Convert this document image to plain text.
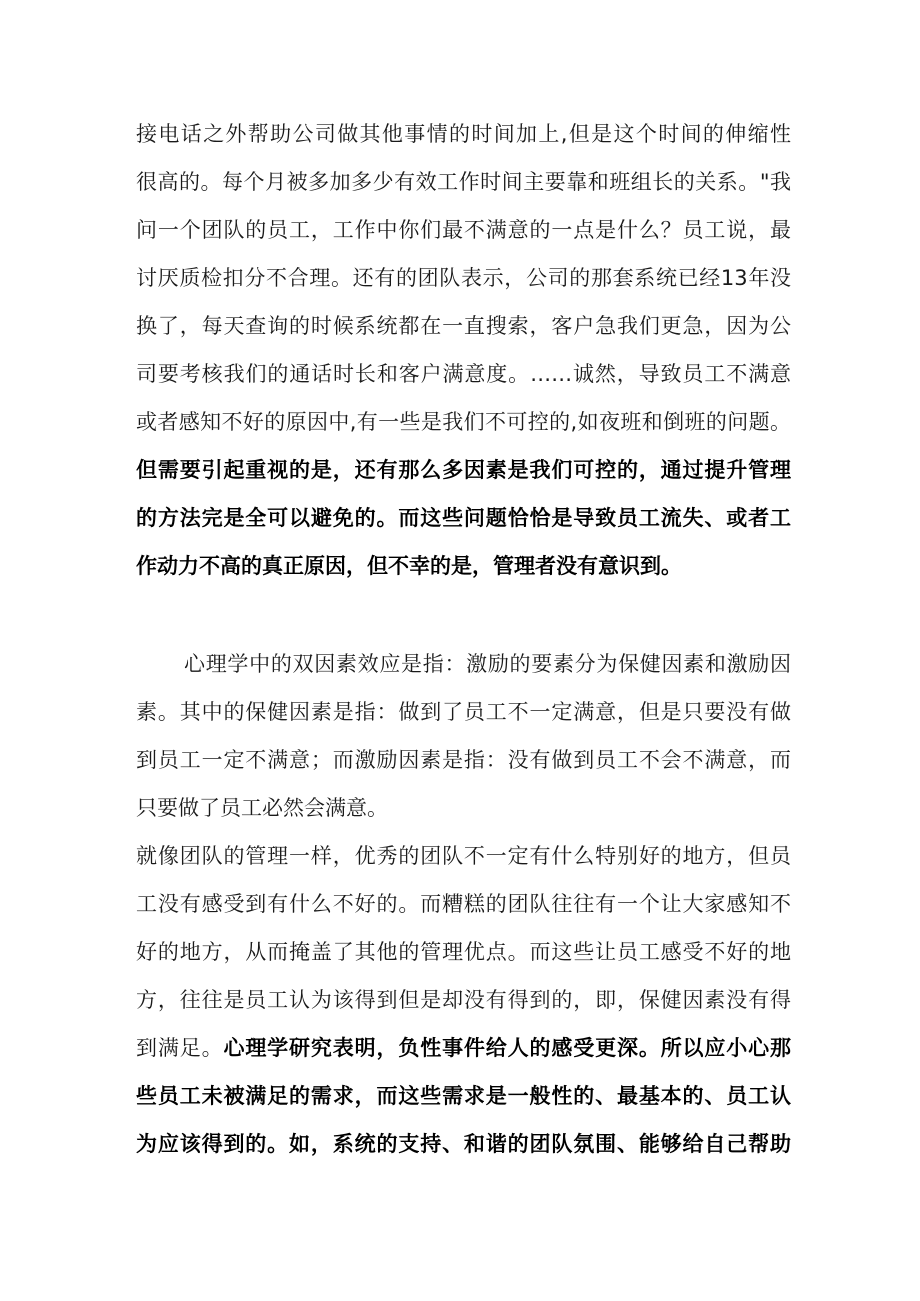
接电话之外帮助公司做其他事情的时间加上,但是这个时间的伸缩性
很高的。每个月被多加多少有效工作时间主要靠和班组长的关系。"我
问一个团队的员工，工作中你们最不满意的一点是什么？员工说，最
讨厌质检扣分不合理。还有的团队表示，公司的那套系统已经13年没
换了，每天查询的时候系统都在一直搜索，客户急我们更急，因为公
司要考核我们的通话时长和客户满意度。……诚然，导致员工不满意
或者感知不好的原因中,有一些是我们不可控的,如夜班和倒班的问题。
但需要引起重视的是，还有那么多因素是我们可控的，通过提升管理
的方法完是全可以避免的。而这些问题恰恰是导致员工流失、或者工
作动力不高的真正原因，但不幸的是，管理者没有意识到。
心理学中的双因素效应是指：激励的要素分为保健因素和激励因
素。其中的保健因素是指：做到了员工不一定满意，但是只要没有做
到员工一定不满意；而激励因素是指：没有做到员工不会不满意，而
只要做了员工必然会满意。
就像团队的管理一样，优秀的团队不一定有什么特别好的地方，但员
工没有感受到有什么不好的。而糟糕的团队往往有一个让大家感知不
好的地方，从而掩盖了其他的管理优点。而这些让员工感受不好的地
方，往往是员工认为该得到但是却没有得到的，即，保健因素没有得
到满足。心理学研究表明，负性事件给人的感受更深。所以应小心那
些员工未被满足的需求，而这些需求是一般性的、最基本的、员工认
为应该得到的。如，系统的支持、和谐的团队氛围、能够给自己帮助
